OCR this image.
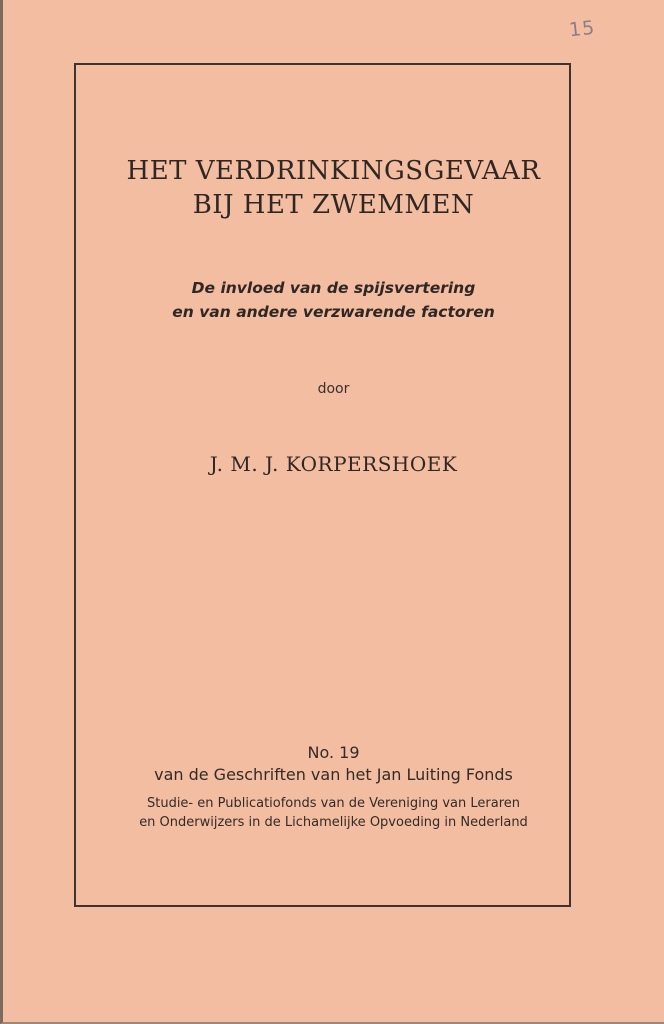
15
HET VERDRINKINGSGEVAAR
BIJ HET ZWEMMEN
De invloed van de spijsvertering
en van andere verzwarende factoren
door
J. M. J. KORPERSHOEK
No. 19
van de Geschriften van het Jan Luiting Fonds
Studie- en Publicatiofonds van de Vereniging van Leraren
en Onderwijzers in de Lichamelijke Opvoeding in Nederland
